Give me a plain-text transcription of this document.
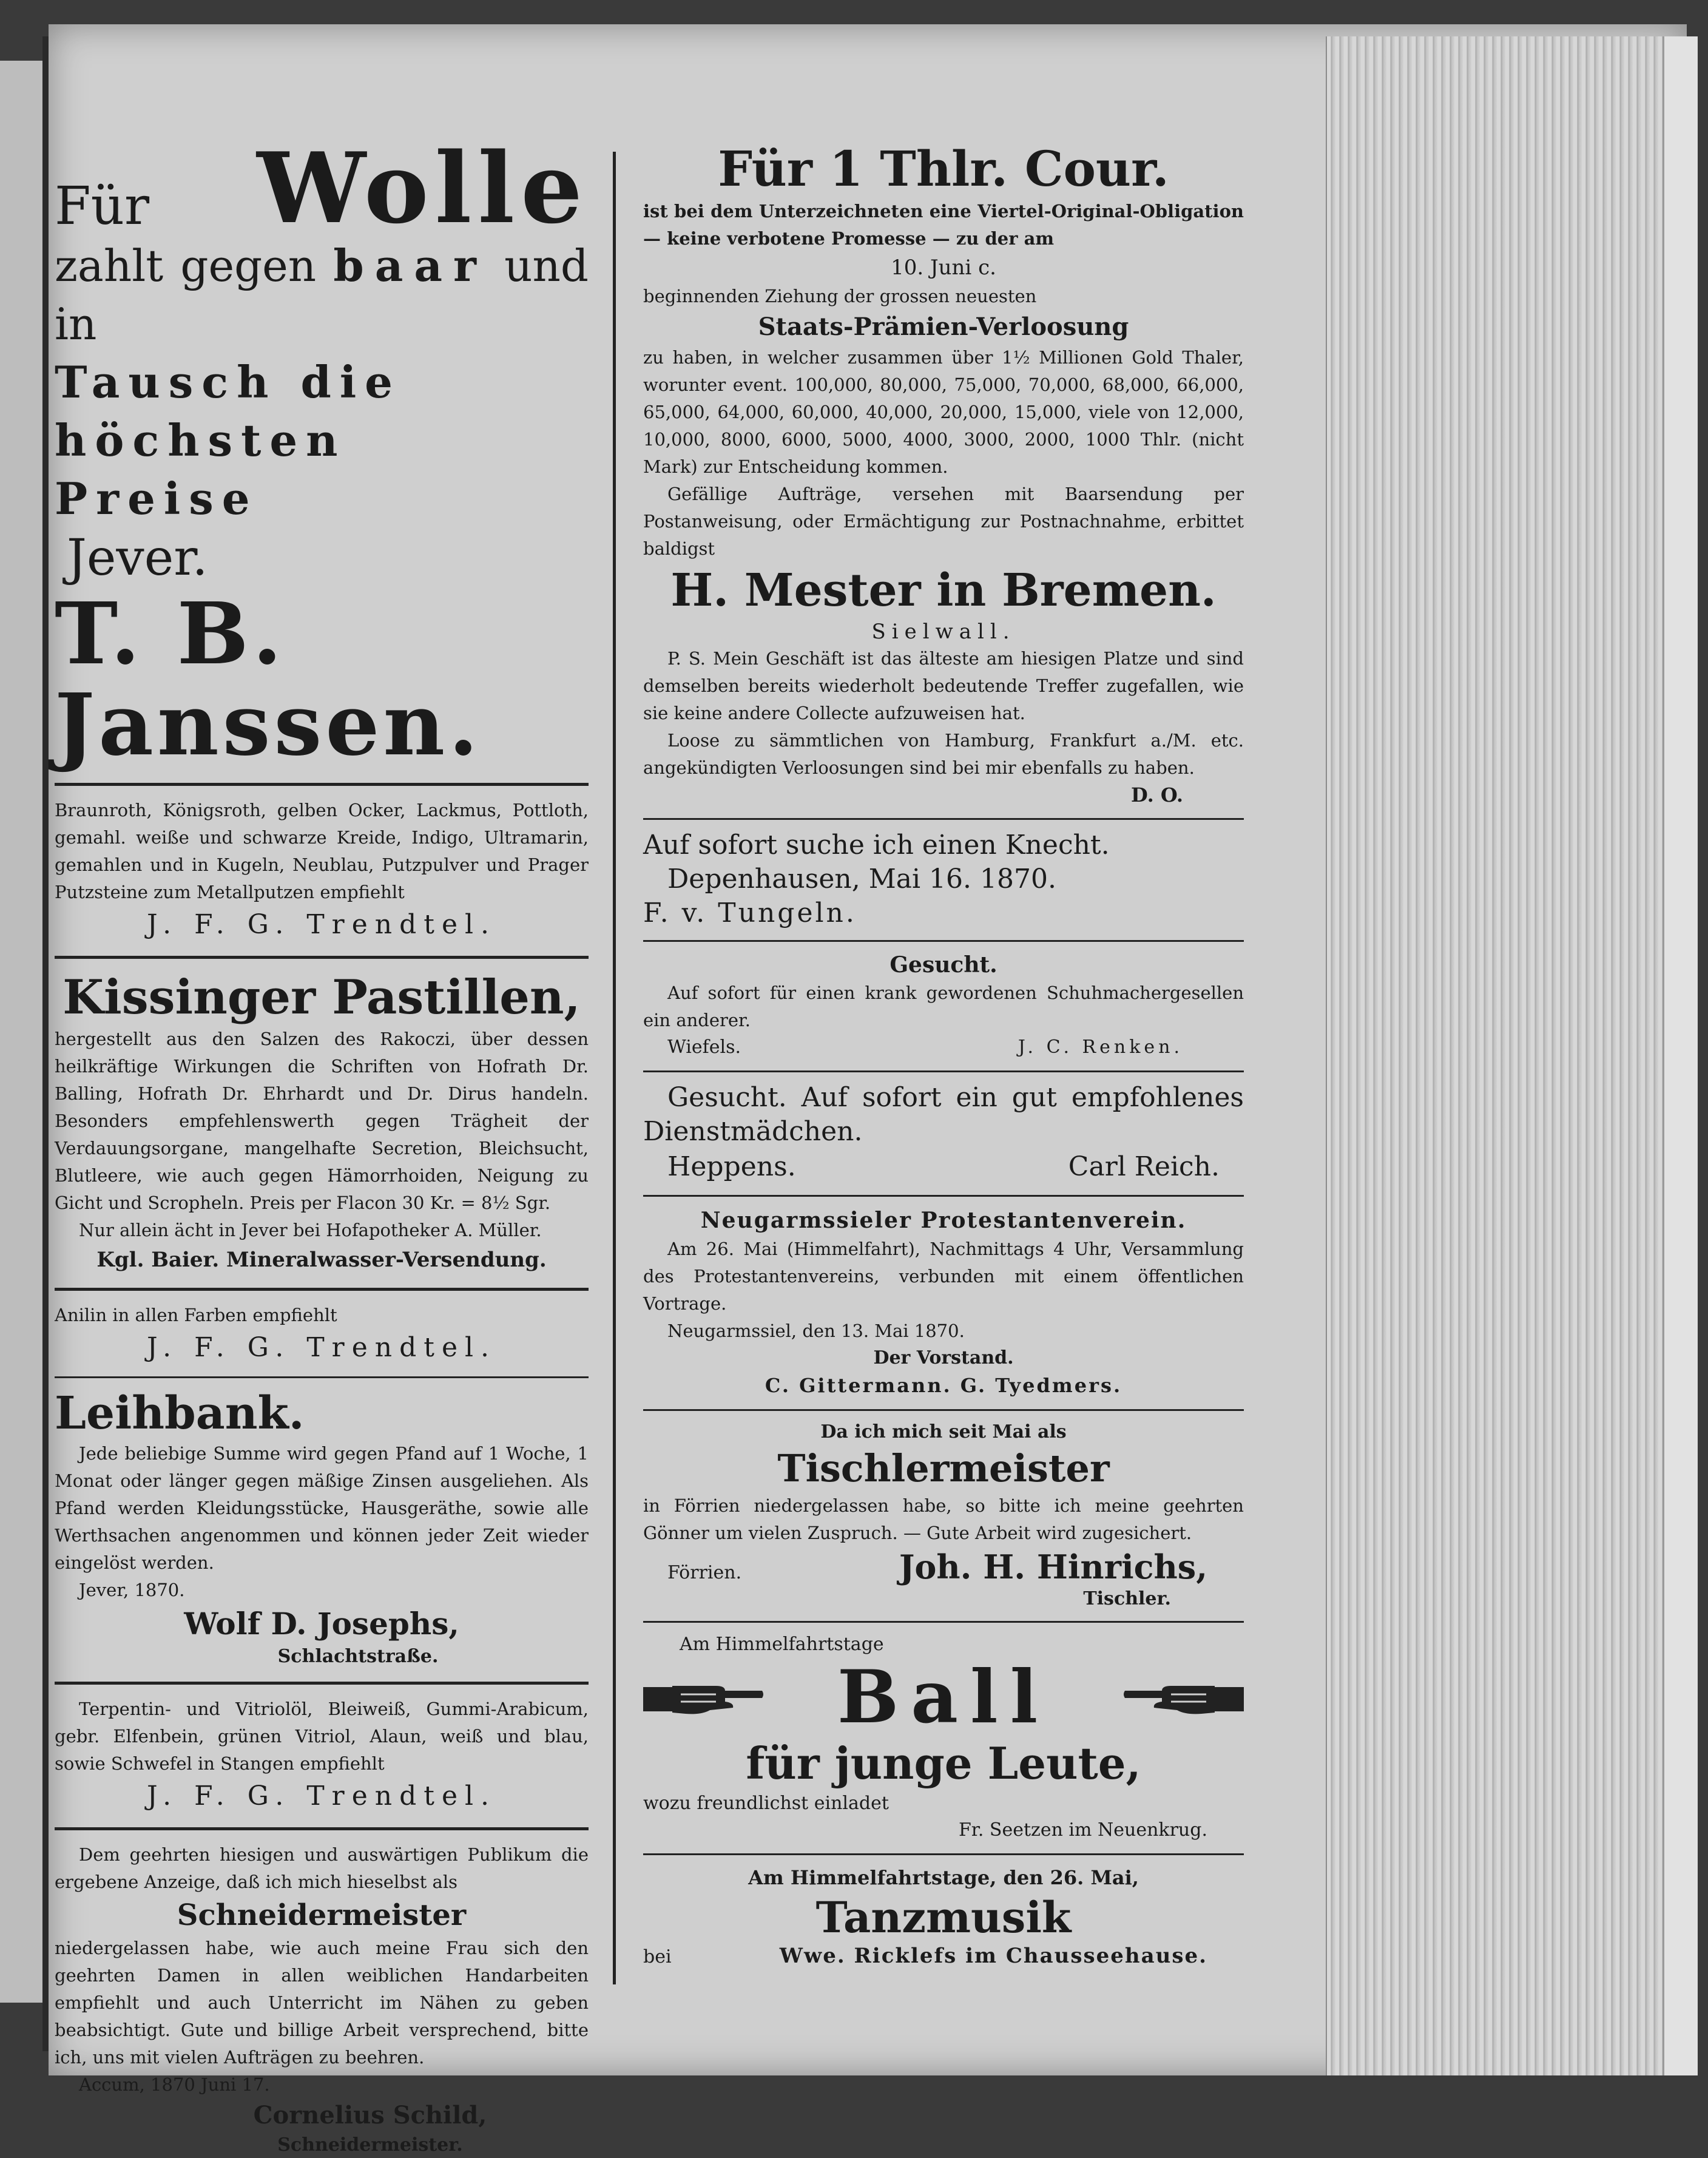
Für Wolle
zahlt gegen baar und in
Tausch die höchsten
Preise
Jever.
T. B. Janssen.

Braunroth, Königsroth, gelben Ocker, Lackmus, Pottloth, gemahl. weiße und schwarze Kreide, Indigo, Ultramarin, gemahlen und in Kugeln, Neublau, Putzpulver und Prager Putzsteine zum Metallputzen empfiehlt

J. F. G. Trendtel.
Kissinger Pastillen,

hergestellt aus den Salzen des Rakoczi, über dessen heilkräftige Wirkungen die Schriften von Hofrath Dr. Balling, Hofrath Dr. Ehrhardt und Dr. Dirus handeln. Besonders empfehlenswerth gegen Trägheit der Verdauungsorgane, mangelhafte Secretion, Bleichsucht, Blutleere, wie auch gegen Hämorrhoiden, Neigung zu Gicht und Scropheln. Preis per Flacon 30 Kr. = 8½ Sgr.

Nur allein ächt in Jever bei Hofapotheker A. Müller.

Kgl. Baier. Mineralwasser-Versendung.

Anilin in allen Farben empfiehlt

J. F. G. Trendtel.
Leihbank.

Jede beliebige Summe wird gegen Pfand auf 1 Woche, 1 Monat oder länger gegen mäßige Zinsen ausgeliehen. Als Pfand werden Kleidungsstücke, Hausgeräthe, sowie alle Werthsachen angenommen und können jeder Zeit wieder eingelöst werden.

Jever, 1870.

Wolf D. Josephs,
Schlachtstraße.

Terpentin- und Vitriolöl, Bleiweiß, Gummi-Arabicum, gebr. Elfenbein, grünen Vitriol, Alaun, weiß und blau, sowie Schwefel in Stangen empfiehlt

J. F. G. Trendtel.

Dem geehrten hiesigen und auswärtigen Publikum die ergebene Anzeige, daß ich mich hieselbst als

Schneidermeister

niedergelassen habe, wie auch meine Frau sich den geehrten Damen in allen weiblichen Handarbeiten empfiehlt und auch Unterricht im Nähen zu geben beabsichtigt. Gute und billige Arbeit versprechend, bitte ich, uns mit vielen Aufträgen zu beehren.

Accum, 1870 Juni 17.

Cornelius Schild,
Schneidermeister.
Für 1 Thlr. Cour.

ist bei dem Unterzeichneten eine Viertel-Original-Obligation — keine verbotene Promesse — zu der am

10. Juni c.

beginnenden Ziehung der grossen neuesten

Staats-Prämien-Verloosung

zu haben, in welcher zusammen über 1½ Millionen Gold Thaler, worunter event. 100,000, 80,000, 75,000, 70,000, 68,000, 66,000, 65,000, 64,000, 60,000, 40,000, 20,000, 15,000, viele von 12,000, 10,000, 8000, 6000, 5000, 4000, 3000, 2000, 1000 Thlr. (nicht Mark) zur Entscheidung kommen.

Gefällige Aufträge, versehen mit Baarsendung per Postanweisung, oder Ermächtigung zur Postnachnahme, erbittet baldigst

H. Mester in Bremen.
Sielwall.

P. S. Mein Geschäft ist das älteste am hiesigen Platze und sind demselben bereits wiederholt bedeutende Treffer zugefallen, wie sie keine andere Collecte aufzuweisen hat.

Loose zu sämmtlichen von Hamburg, Frankfurt a./M. etc. angekündigten Verloosungen sind bei mir ebenfalls zu haben.

D. O.
Auf sofort suche ich einen Knecht.
Depenhausen, Mai 16. 1870.
F. v. Tungeln.
Gesucht.

Auf sofort für einen krank gewordenen Schuhmachergesellen ein anderer.

Wiefels.	J. C. Renken.

Gesucht. Auf sofort ein gut empfohlenes Dienstmädchen.

Heppens.	Carl Reich.
Neugarmssieler Protestantenverein.

Am 26. Mai (Himmelfahrt), Nachmittags 4 Uhr, Versammlung des Protestantenvereins, verbunden mit einem öffentlichen Vortrage.

Neugarmssiel, den 13. Mai 1870.

Der Vorstand.
C. Gittermann. G. Tyedmers.
Da ich mich seit Mai als
Tischlermeister

in Förrien niedergelassen habe, so bitte ich meine geehrten Gönner um vielen Zuspruch. — Gute Arbeit wird zugesichert.

Förrien.	Joh. H. Hinrichs,
Tischler.
Am Himmelfahrtstage
Ball
für junge Leute,
wozu freundlichst einladet
Fr. Seetzen im Neuenkrug.
Am Himmelfahrtstage, den 26. Mai,
Tanzmusik
bei	Wwe. Ricklefs im Chausseehause.
